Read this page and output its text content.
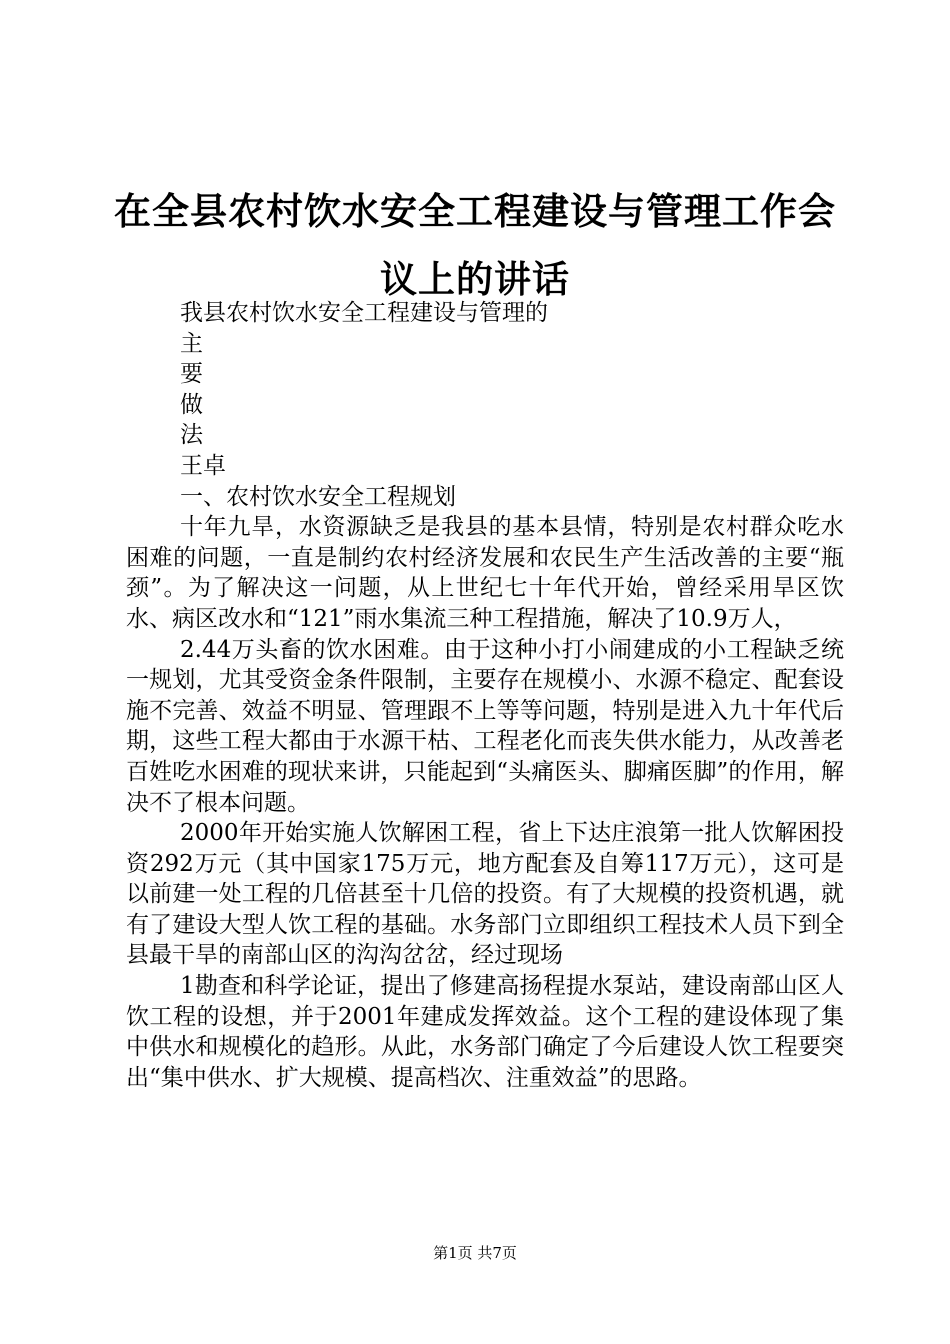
在全县农村饮水安全工程建设与管理工作会议上的讲话

我县农村饮水安全工程建设与管理的

主

要

做

法

王卓

一、农村饮水安全工程规划

十年九旱，水资源缺乏是我县的基本县情，特别是农村群众吃水困难的问题，一直是制约农村经济发展和农民生产生活改善的主要“瓶颈”。为了解决这一问题，从上世纪七十年代开始，曾经采用旱区饮水、病区改水和“121”雨水集流三种工程措施，解决了10.9万人，

2.44万头畜的饮水困难。由于这种小打小闹建成的小工程缺乏统一规划，尤其受资金条件限制，主要存在规模小、水源不稳定、配套设施不完善、效益不明显、管理跟不上等等问题，特别是进入九十年代后期，这些工程大都由于水源干枯、工程老化而丧失供水能力，从改善老百姓吃水困难的现状来讲，只能起到“头痛医头、脚痛医脚”的作用，解决不了根本问题。

2000年开始实施人饮解困工程，省上下达庄浪第一批人饮解困投资292万元（其中国家175万元，地方配套及自筹117万元），这可是以前建一处工程的几倍甚至十几倍的投资。有了大规模的投资机遇，就有了建设大型人饮工程的基础。水务部门立即组织工程技术人员下到全县最干旱的南部山区的沟沟岔岔，经过现场

1勘查和科学论证，提出了修建高扬程提水泵站，建设南部山区人饮工程的设想，并于2001年建成发挥效益。这个工程的建设体现了集中供水和规模化的趋形。从此，水务部门确定了今后建设人饮工程要突出“集中供水、扩大规模、提高档次、注重效益”的思路。

第1页 共7页
